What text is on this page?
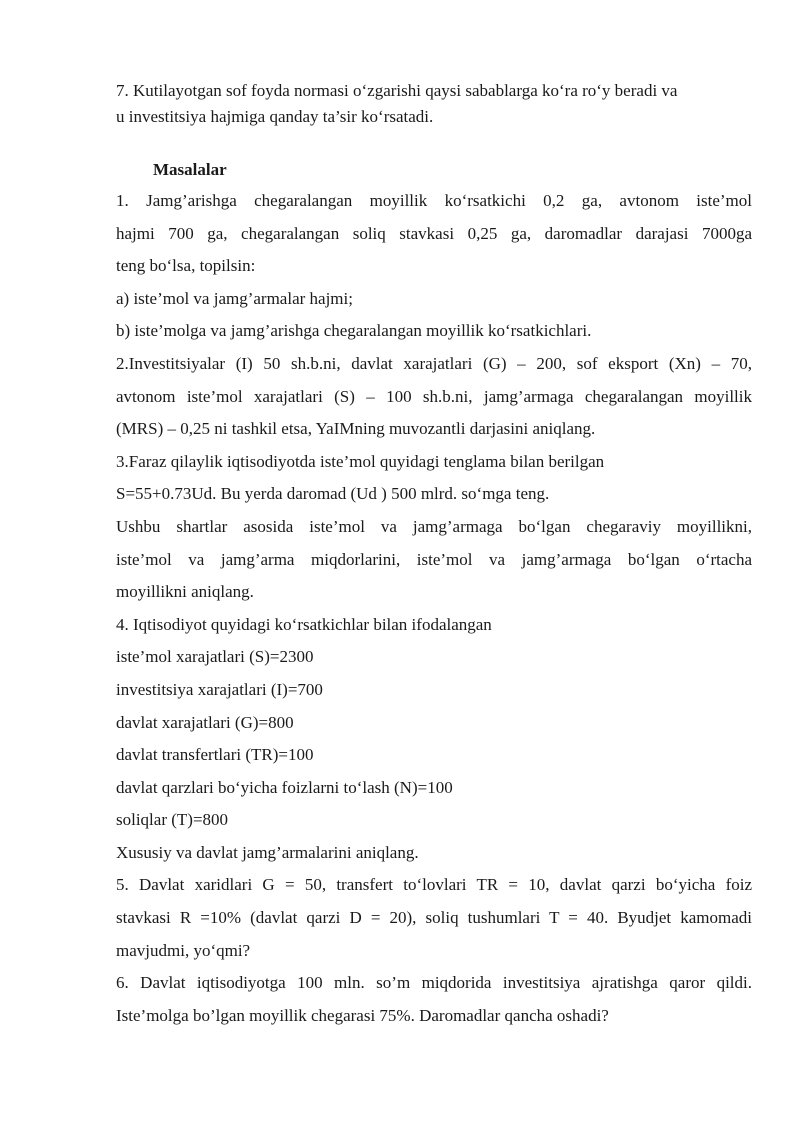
7. Kutilayotgan sof foyda normasi o‘zgarishi qaysi sabablarga ko‘ra ro‘y beradi va
u investitsiya hajmiga qanday ta’sir ko‘rsatadi.
Masalalar
1. Jamg’arishga chegaralangan moyillik ko‘rsatkichi 0,2 ga, avtonom iste’mol
hajmi 700 ga, chegaralangan soliq stavkasi 0,25 ga, daromadlar darajasi 7000ga
teng bo‘lsa, topilsin:
a) iste’mol va jamg’armalar hajmi;
b) iste’molga va jamg’arishga chegaralangan moyillik ko‘rsatkichlari.
2.Investitsiyalar (I) 50 sh.b.ni, davlat xarajatlari (G) – 200, sof eksport (Xn) – 70,
avtonom iste’mol xarajatlari (S) – 100 sh.b.ni, jamg’armaga chegaralangan moyillik
(MRS) – 0,25 ni tashkil etsa, YaIMning muvozantli darjasini aniqlang.
3.Faraz qilaylik iqtisodiyotda iste’mol quyidagi tenglama bilan berilgan
S=55+0.73Ud. Bu yerda daromad (Ud ) 500 mlrd. so‘mga teng.
Ushbu shartlar asosida iste’mol va jamg’armaga bo‘lgan chegaraviy moyillikni,
iste’mol va jamg’arma miqdorlarini, iste’mol va jamg’armaga bo‘lgan o‘rtacha
moyillikni aniqlang.
4. Iqtisodiyot quyidagi ko‘rsatkichlar bilan ifodalangan
iste’mol xarajatlari (S)=2300
investitsiya xarajatlari (I)=700
davlat xarajatlari (G)=800
davlat transfertlari (TR)=100
davlat qarzlari bo‘yicha foizlarni to‘lash (N)=100
soliqlar (T)=800
Xususiy va davlat jamg’armalarini aniqlang.
5. Davlat xaridlari G = 50, transfert to‘lovlari TR = 10, davlat qarzi bo‘yicha foiz
stavkasi R =10% (davlat qarzi D = 20), soliq tushumlari T = 40. Byudjet kamomadi
mavjudmi, yo‘qmi?
6. Davlat iqtisodiyotga 100 mln. so’m miqdorida investitsiya ajratishga qaror qildi.
Iste’molga bo’lgan moyillik chegarasi 75%. Daromadlar qancha oshadi?
